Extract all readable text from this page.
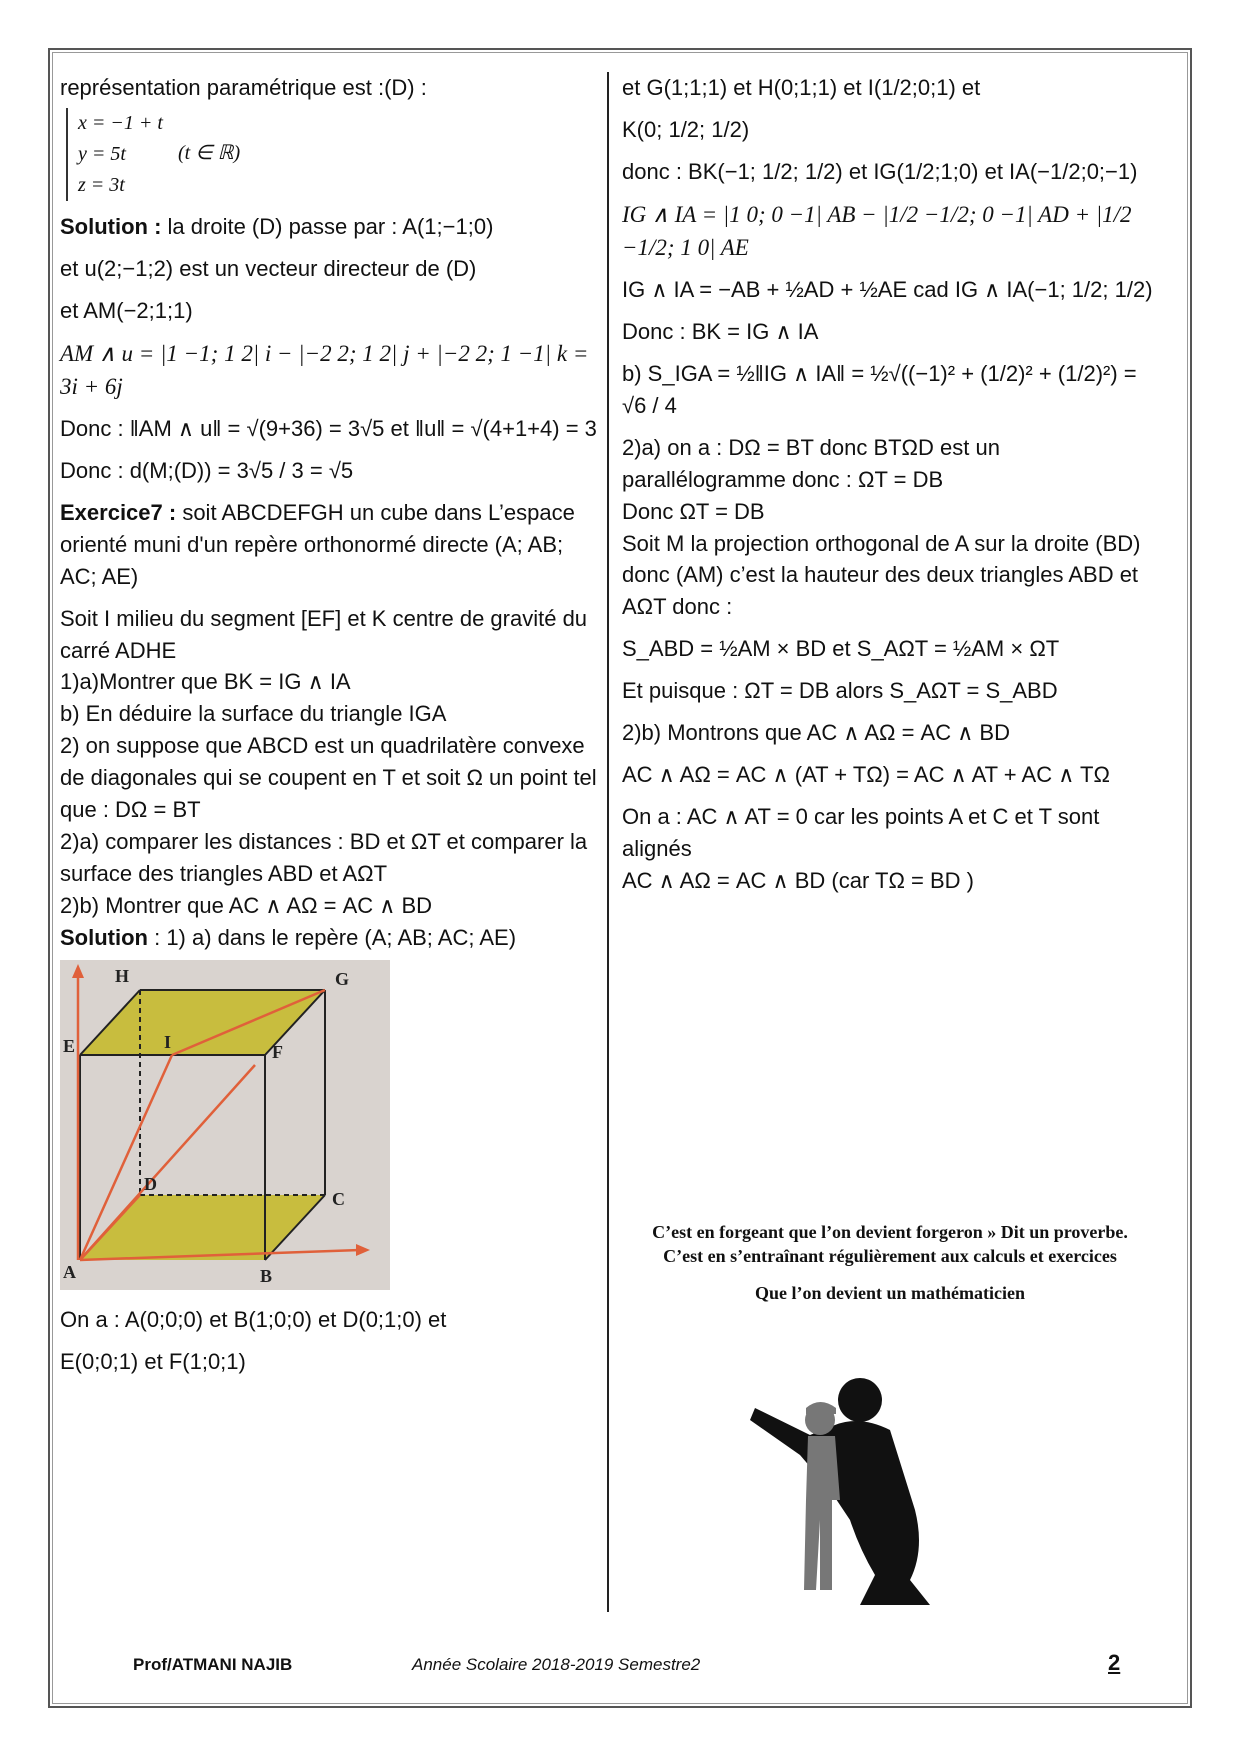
représentation paramétrique est :(D) :

x = −1 + t
y = 5t
z = 3t
(t ∈ ℝ)

Solution : la droite (D) passe par : A(1;−1;0)

et u(2;−1;2) est un vecteur directeur de (D)

et AM(−2;1;1)

AM ∧ u = |1 −1; 1 2| i − |−2 2; 1 2| j + |−2 2; 1 −1| k = 3i + 6j

Donc : ‖AM ∧ u‖ = √(9+36) = 3√5 et ‖u‖ = √(4+1+4) = 3

Donc : d(M;(D)) = 3√5 / 3 = √5

Exercice7 : soit ABCDEFGH un cube dans L’espace orienté muni d'un repère orthonormé directe (A; AB; AC; AE)

Soit I milieu du segment [EF] et K centre de gravité du carré ADHE

1)a)Montrer que BK = IG ∧ IA

b) En déduire la surface du triangle IGA

2) on suppose que ABCD est un quadrilatère convexe de diagonales qui se coupent en T et soit Ω un point tel que : DΩ = BT

2)a) comparer les distances : BD et ΩT et comparer la surface des triangles ABD et AΩT

2)b) Montrer que AC ∧ AΩ = AC ∧ BD

Solution : 1) a) dans le repère (A; AB; AC; AE)

H	G
E	I	F
D
C
A	B

On a : A(0;0;0) et B(1;0;0) et D(0;1;0) et

E(0;0;1) et F(1;0;1)

et G(1;1;1) et H(0;1;1) et I(1/2;0;1) et

K(0; 1/2; 1/2)

donc : BK(−1; 1/2; 1/2) et IG(1/2;1;0) et IA(−1/2;0;−1)

IG ∧ IA = |1 0; 0 −1| AB − |1/2 −1/2; 0 −1| AD + |1/2 −1/2; 1 0| AE

IG ∧ IA = −AB + ½AD + ½AE cad IG ∧ IA(−1; 1/2; 1/2)

Donc : BK = IG ∧ IA

b) S_IGA = ½‖IG ∧ IA‖ = ½√((−1)² + (1/2)² + (1/2)²) = √6 / 4

2)a) on a : DΩ = BT donc BTΩD est un parallélogramme donc : ΩT = DB

Donc ΩT = DB

Soit M la projection orthogonal de A sur la droite (BD) donc (AM) c’est la hauteur des deux triangles ABD et AΩT donc :

S_ABD = ½AM × BD et S_AΩT = ½AM × ΩT

Et puisque : ΩT = DB alors S_AΩT = S_ABD

2)b) Montrons que AC ∧ AΩ = AC ∧ BD

AC ∧ AΩ = AC ∧ (AT + TΩ) = AC ∧ AT + AC ∧ TΩ

On a : AC ∧ AT = 0 car les points A et C et T sont alignés

AC ∧ AΩ = AC ∧ BD (car TΩ = BD )

C’est en forgeant que l’on devient forgeron » Dit un proverbe.
C’est en s’entraînant régulièrement aux calculs et exercices
Que l’on devient un mathématicien
Prof/ATMANI NAJIB	Année Scolaire 2018-2019 Semestre2	2
